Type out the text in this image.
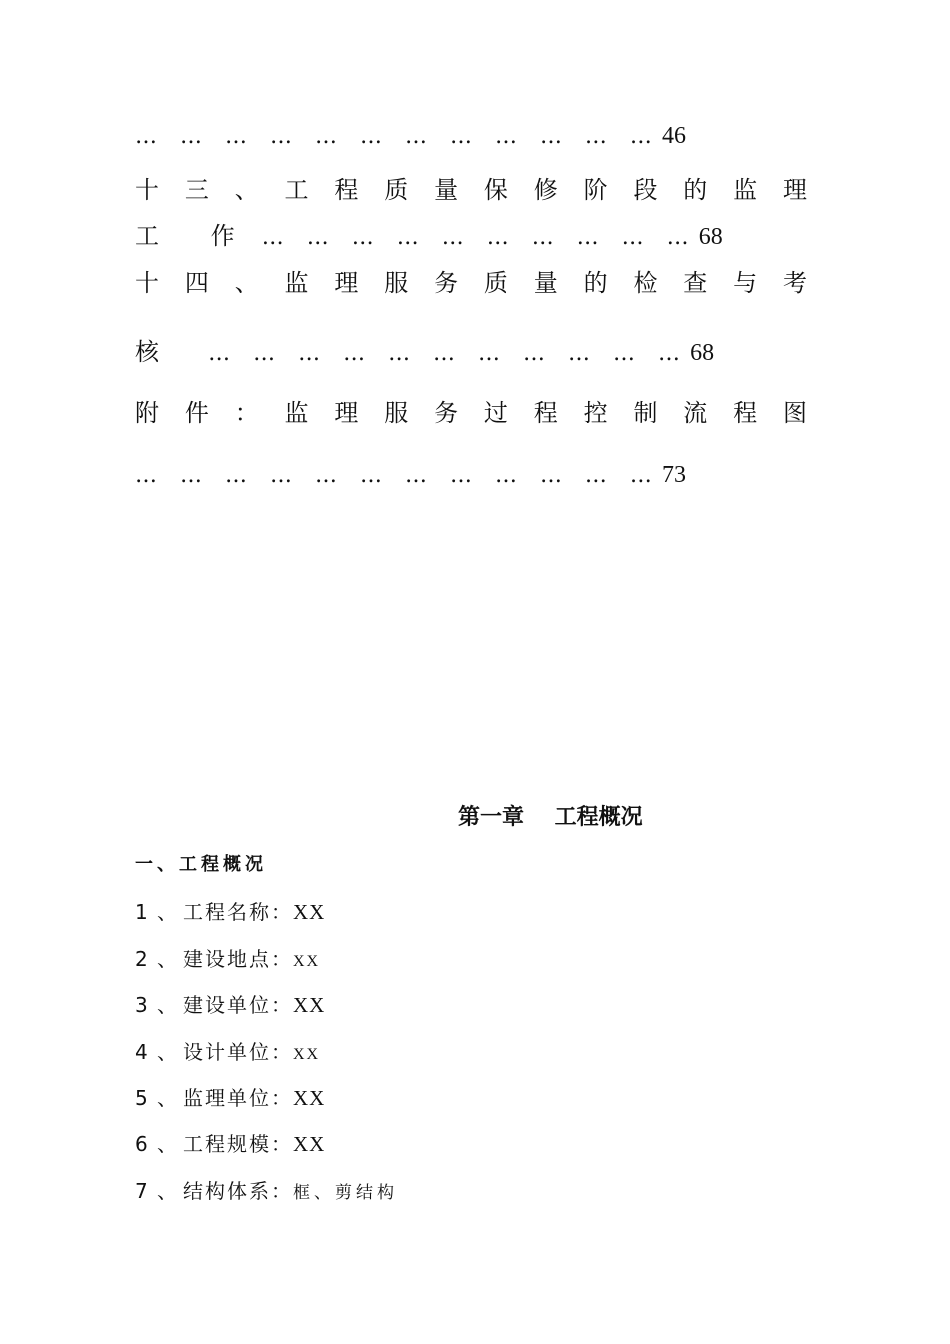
… … … … … … … … … … … … 46
十 三 、 工 程 质 量 保 修 阶 段 的 监 理
工 作 … … … … … … … … … … 68
十 四 、 监 理 服 务 质 量 的 检 查 与 考
核 … … … … … … … … … … … 68
附 件 ： 监 理 服 务 过 程 控 制 流 程 图
… … … … … … … … … … … … 73
第一章    工程概况
一、工程概况
1 、 工程名称：XX
2 、 建设地点：XX
3 、 建设单位：XX
4 、 设计单位：XX
5 、 监理单位：XX
6 、 工程规模：XX
7 、 结构体系：框、剪结构
